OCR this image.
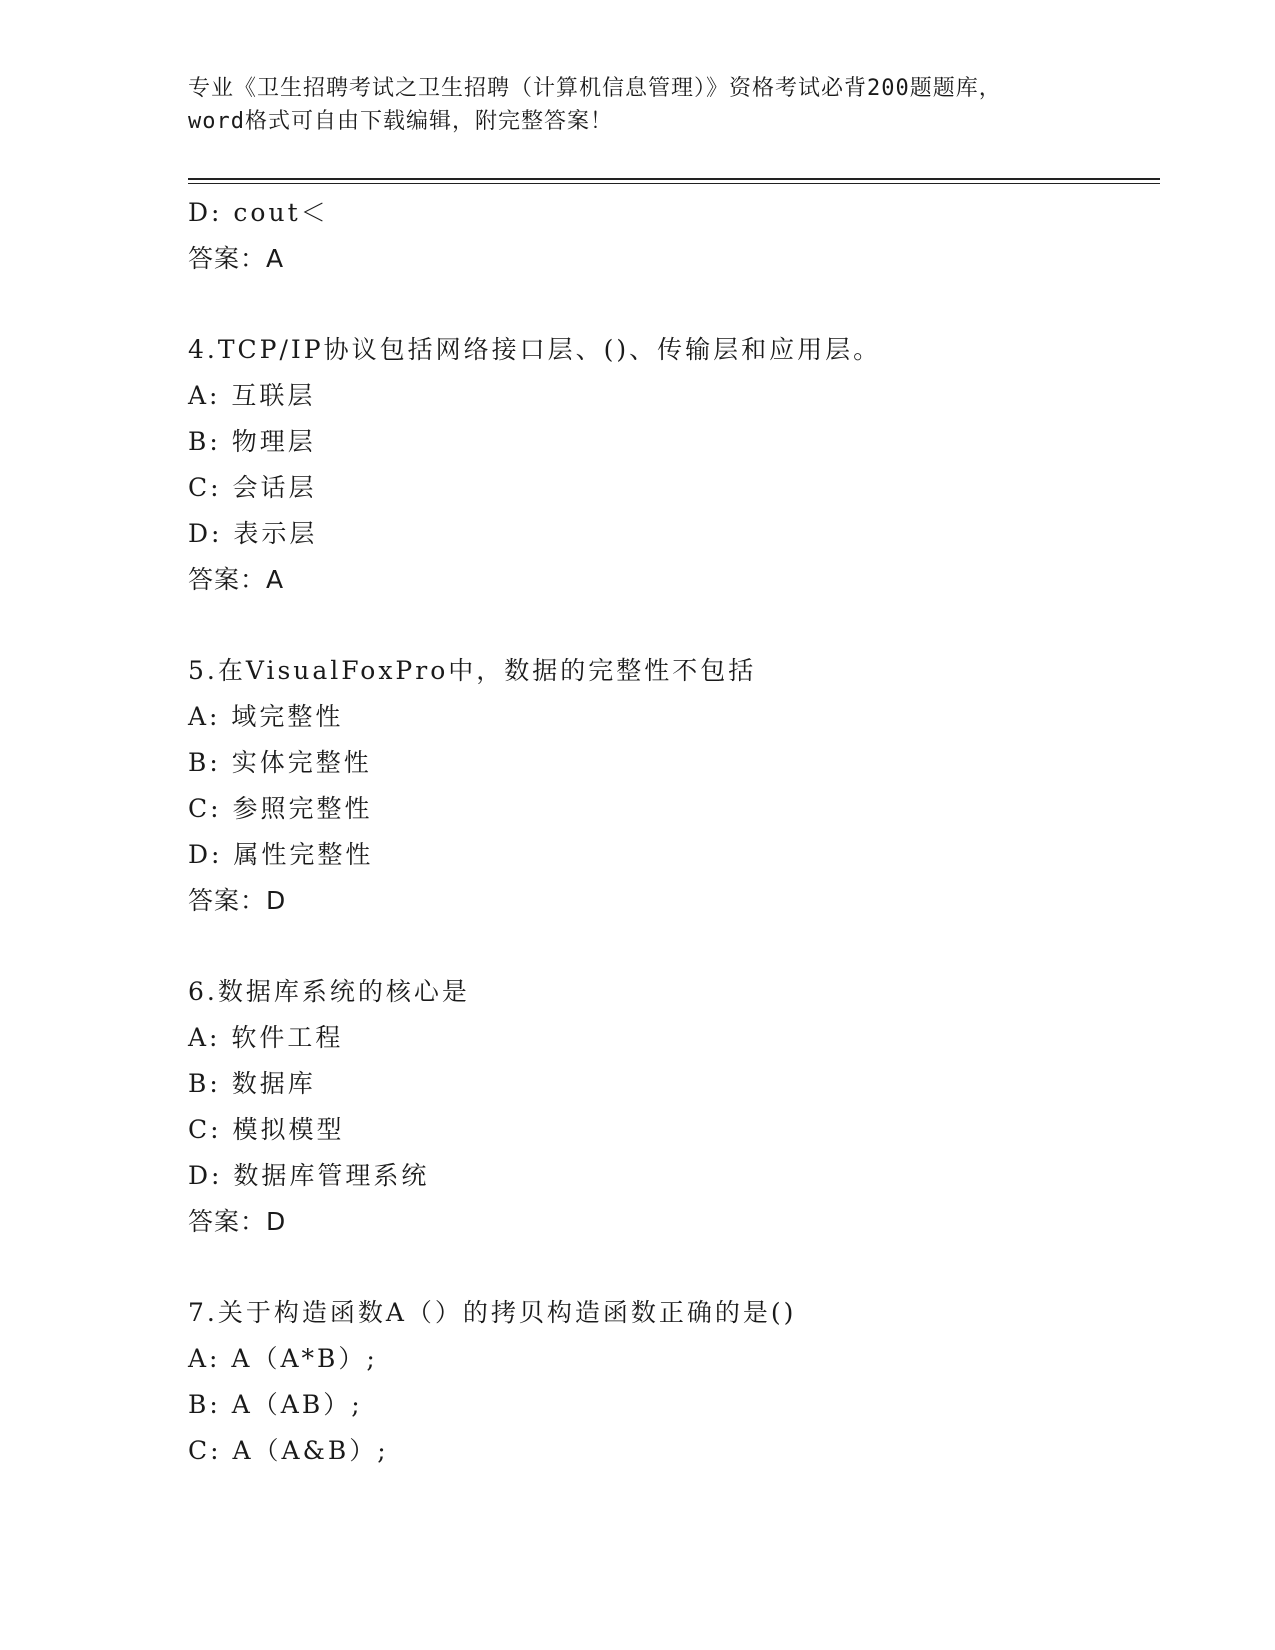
专业《卫生招聘考试之卫生招聘（计算机信息管理）》资格考试必背200题题库，
word格式可自由下载编辑，附完整答案！
D: cout＜
答案：A
4.TCP/IP协议包括网络接口层、()、传输层和应用层。
A: 互联层
B: 物理层
C: 会话层
D: 表示层
答案：A
5.在VisualFoxPro中，数据的完整性不包括
A: 域完整性
B: 实体完整性
C: 参照完整性
D: 属性完整性
答案：D
6.数据库系统的核心是
A: 软件工程
B: 数据库
C: 模拟模型
D: 数据库管理系统
答案：D
7.关于构造函数A（）的拷贝构造函数正确的是()
A: A（A*B）;
B: A（AB）;
C: A（A&B）;
